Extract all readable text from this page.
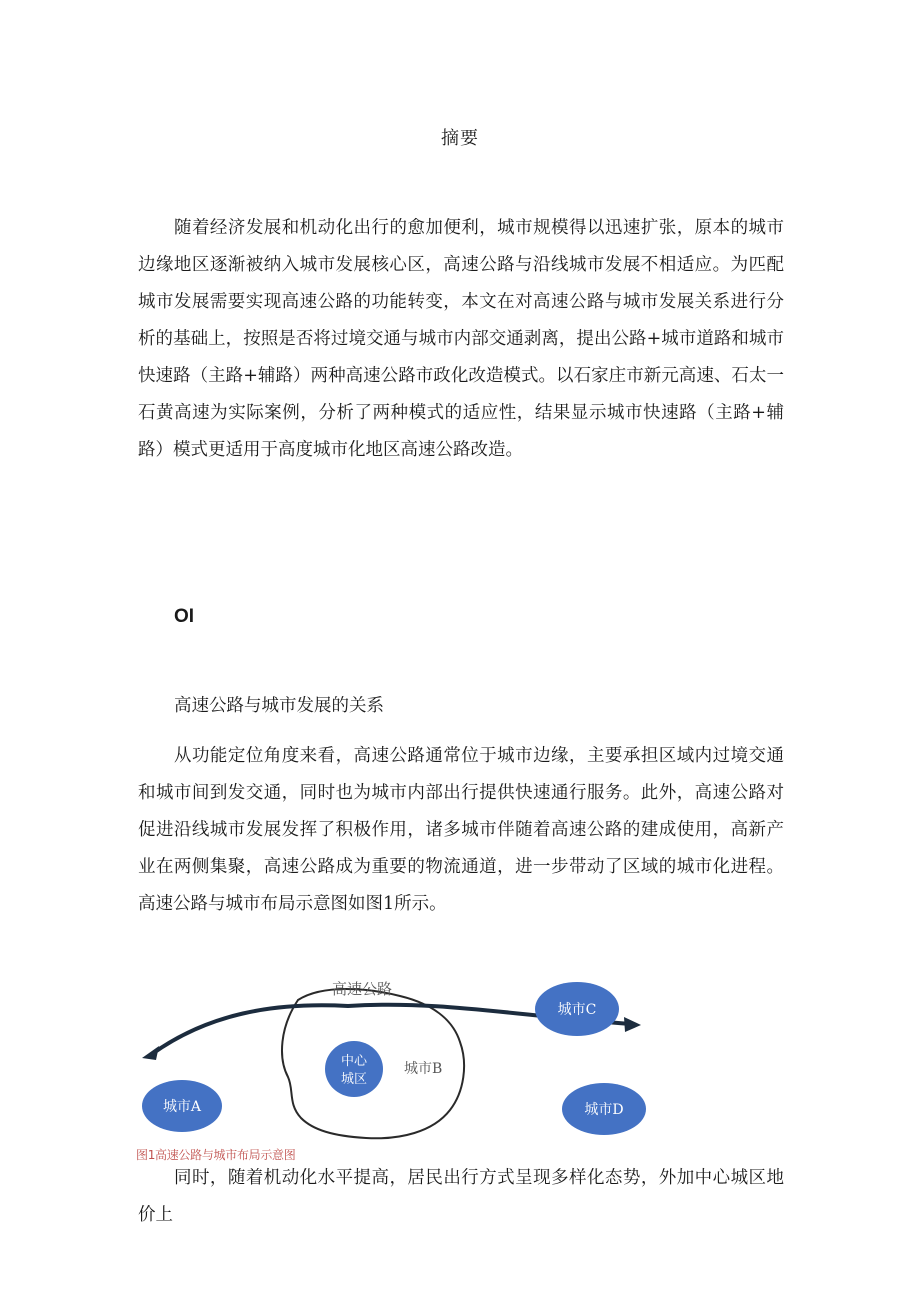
摘要

随着经济发展和机动化出行的愈加便利，城市规模得以迅速扩张，原本的城市边缘地区逐渐被纳入城市发展核心区，高速公路与沿线城市发展不相适应。为匹配城市发展需要实现高速公路的功能转变，本文在对高速公路与城市发展关系进行分析的基础上，按照是否将过境交通与城市内部交通剥离，提出公路+城市道路和城市快速路（主路+辅路）两种高速公路市政化改造模式。以石家庄市新元高速、石太一石黄高速为实际案例，分析了两种模式的适应性，结果显示城市快速路（主路+辅路）模式更适用于高度城市化地区高速公路改造。

OI
高速公路与城市发展的关系

从功能定位角度来看，高速公路通常位于城市边缘，主要承担区域内过境交通和城市间到发交通，同时也为城市内部出行提供快速通行服务。此外，高速公路对促进沿线城市发展发挥了积极作用，诸多城市伴随着高速公路的建成使用，高新产业在两侧集聚，高速公路成为重要的物流通道，进一步带动了区域的城市化进程。高速公路与城市布局示意图如图1所示。

高速公路
城市A
中心
城区
城市B
城市C
城市D
图1高速公路与城市布局示意图

同时，随着机动化水平提高，居民出行方式呈现多样化态势，外加中心城区地价上
